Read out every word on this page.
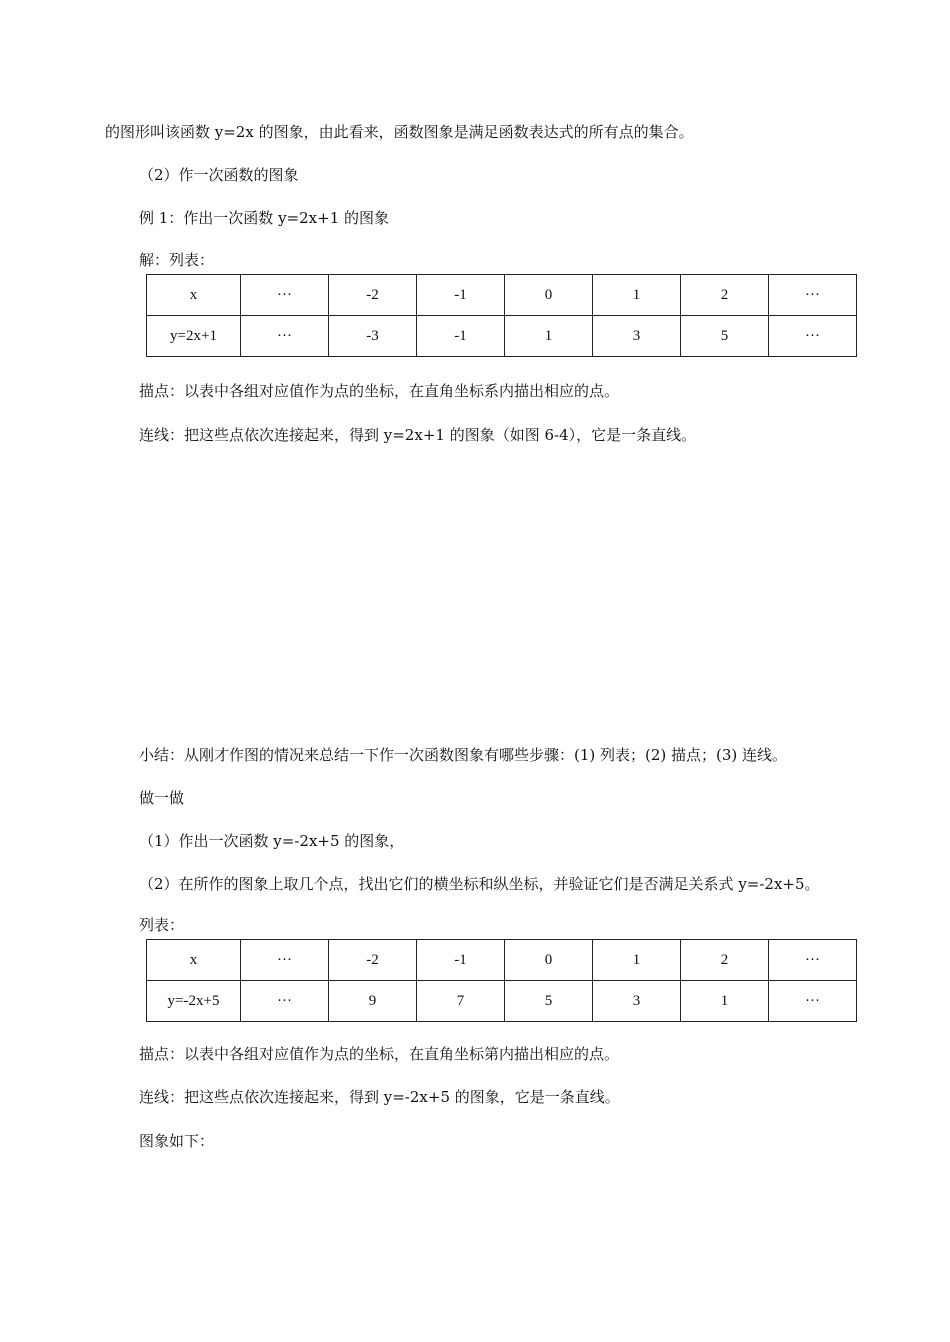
的图形叫该函数 y=2x 的图象，由此看来，函数图象是满足函数表达式的所有点的集合。
（2）作一次函数的图象
例 1：作出一次函数 y=2x+1 的图象
解：列表：
x	···	-2	-1	0	1	2	···
y=2x+1	···	-3	-1	1	3	5	···
描点：以表中各组对应值作为点的坐标，在直角坐标系内描出相应的点。
连线：把这些点依次连接起来，得到 y=2x+1 的图象（如图 6-4），它是一条直线。
小结：从刚才作图的情况来总结一下作一次函数图象有哪些步骤：(1) 列表；(2) 描点；(3) 连线。
做一做
（1）作出一次函数 y=-2x+5 的图象，
（2）在所作的图象上取几个点，找出它们的横坐标和纵坐标，并验证它们是否满足关系式 y=-2x+5。
列表：
x	···	-2	-1	0	1	2	···
y=-2x+5	···	9	7	5	3	1	···
描点：以表中各组对应值作为点的坐标，在直角坐标第内描出相应的点。
连线：把这些点依次连接起来，得到 y=-2x+5 的图象，它是一条直线。
图象如下：
